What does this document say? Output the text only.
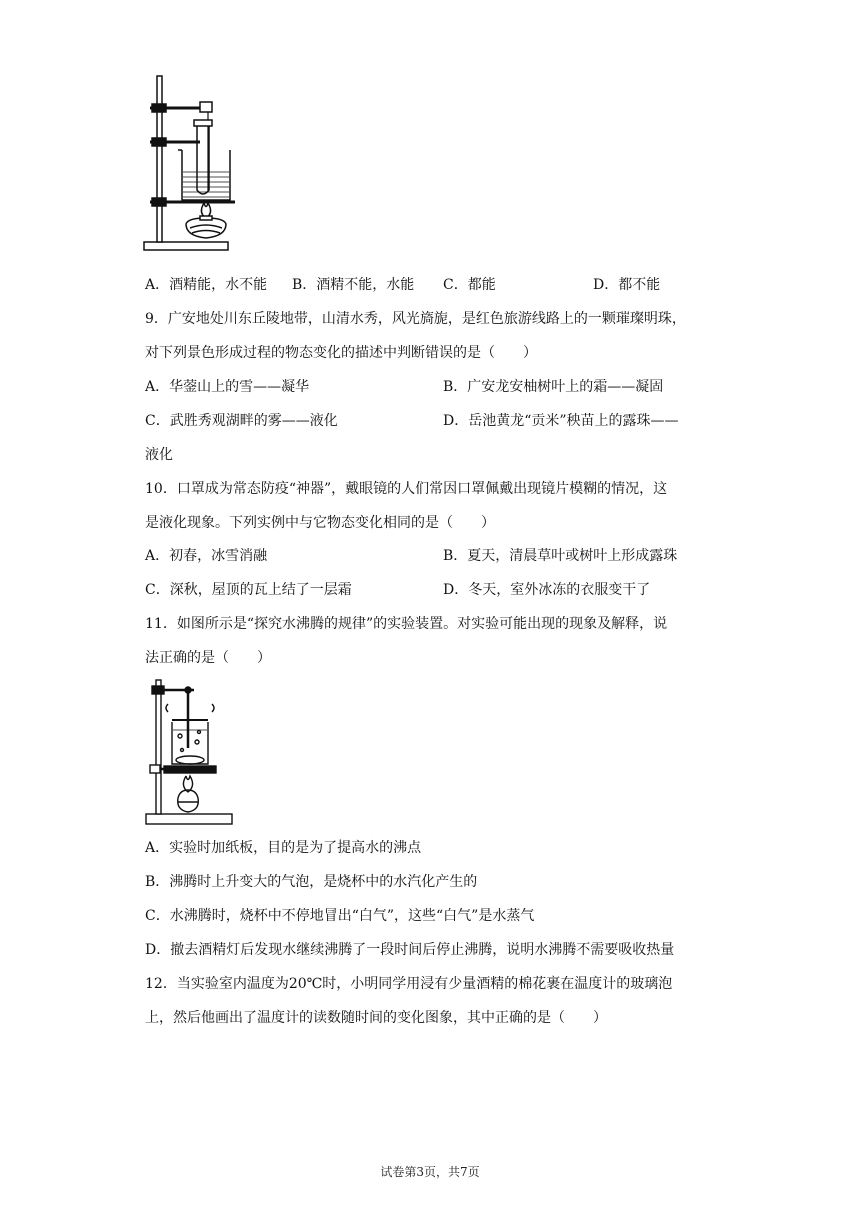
A．酒精能，水不能 B．酒精不能，水能 C．都能	D．都不能
9．广安地处川东丘陵地带，山清水秀，风光旖旎，是红色旅游线路上的一颗璀璨明珠，
对下列景色形成过程的物态变化的描述中判断错误的是（　　）
A．华蓥山上的雪——凝华	B．广安龙安柚树叶上的霜——凝固
C．武胜秀观湖畔的雾——液化	D．岳池黄龙“贡米”秧苗上的露珠——
液化
10．口罩成为常态防疫“神器”，戴眼镜的人们常因口罩佩戴出现镜片模糊的情况，这
是液化现象。下列实例中与它物态变化相同的是（　　）
A．初春，冰雪消融	B．夏天，清晨草叶或树叶上形成露珠
C．深秋，屋顶的瓦上结了一层霜	D．冬天，室外冰冻的衣服变干了
11．如图所示是“探究水沸腾的规律”的实验装置。对实验可能出现的现象及解释，说
法正确的是（　　）
A．实验时加纸板，目的是为了提高水的沸点
B．沸腾时上升变大的气泡，是烧杯中的水汽化产生的
C．水沸腾时，烧杯中不停地冒出“白气”，这些“白气”是水蒸气
D．撤去酒精灯后发现水继续沸腾了一段时间后停止沸腾，说明水沸腾不需要吸收热量
12．当实验室内温度为20℃时，小明同学用浸有少量酒精的棉花裹在温度计的玻璃泡
上，然后他画出了温度计的读数随时间的变化图象，其中正确的是（　　）
试卷第3页，共7页
